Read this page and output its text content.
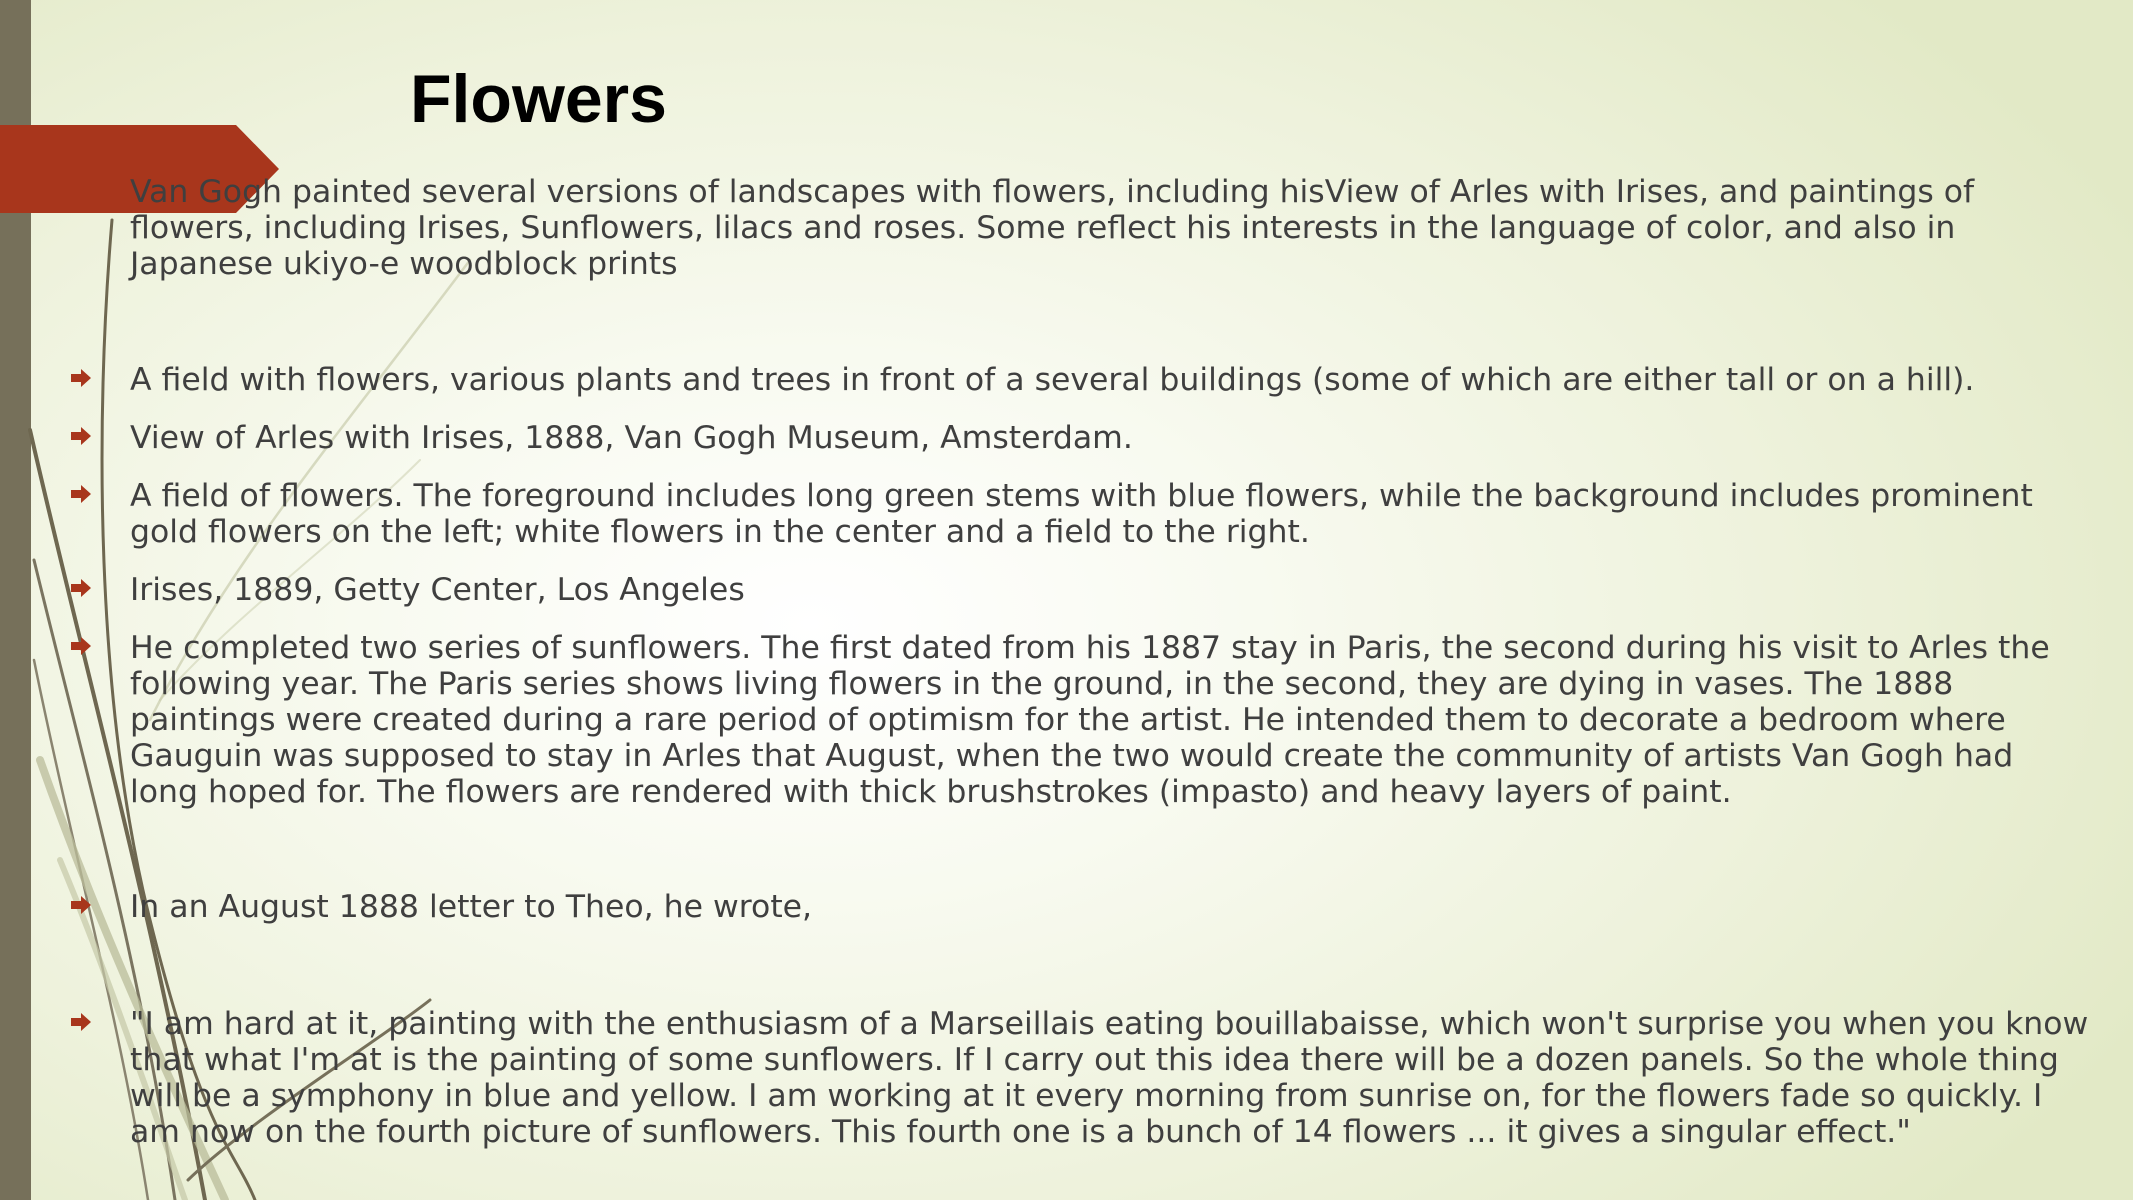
Flowers

Van Gogh painted several versions of landscapes with flowers, including hisView of Arles with Irises, and paintings of flowers, including Irises, Sunflowers, lilacs and roses. Some reflect his interests in the language of color, and also in Japanese ukiyo-e woodblock prints

A field with flowers, various plants and trees in front of a several buildings (some of which are either tall or on a hill).

View of Arles with Irises, 1888, Van Gogh Museum, Amsterdam.

A field of flowers. The foreground includes long green stems with blue flowers, while the background includes prominent gold flowers on the left; white flowers in the center and a field to the right.

Irises, 1889, Getty Center, Los Angeles

He completed two series of sunflowers. The first dated from his 1887 stay in Paris, the second during his visit to Arles the following year. The Paris series shows living flowers in the ground, in the second, they are dying in vases. The 1888 paintings were created during a rare period of optimism for the artist. He intended them to decorate a bedroom where Gauguin was supposed to stay in Arles that August, when the two would create the community of artists Van Gogh had long hoped for. The flowers are rendered with thick brushstrokes (impasto) and heavy layers of paint.

In an August 1888 letter to Theo, he wrote,

"I am hard at it, painting with the enthusiasm of a Marseillais eating bouillabaisse, which won't surprise you when you know that what I'm at is the painting of some sunflowers. If I carry out this idea there will be a dozen panels. So the whole thing will be a symphony in blue and yellow. I am working at it every morning from sunrise on, for the flowers fade so quickly. I am now on the fourth picture of sunflowers. This fourth one is a bunch of 14 flowers ... it gives a singular effect."
